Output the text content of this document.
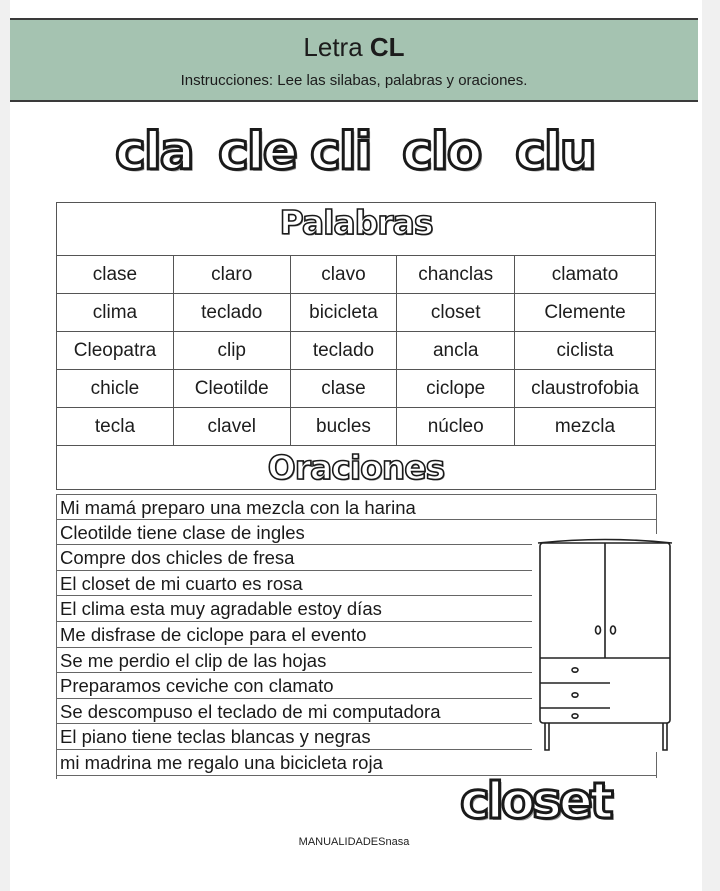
Letra CL
Instrucciones: Lee las silabas, palabras y oraciones.
cla cle cli clo clu
Palabras
clase	claro	clavo	chanclas	clamato
clima	teclado	bicicleta	closet	Clemente
Cleopatra	clip	teclado	ancla	ciclista
chicle	Cleotilde	clase	ciclope	claustrofobia
tecla	clavel	bucles	núcleo	mezcla
Oraciones
Mi mamá preparo una mezcla con la harina
Cleotilde tiene clase de ingles
Compre dos chicles de fresa
El closet de mi cuarto es rosa
El clima esta muy agradable estoy días
Me disfrase de ciclope para el evento
Se me perdio el clip de las hojas
Preparamos ceviche con clamato
Se descompuso el teclado de mi computadora
El piano tiene teclas blancas y negras
mi madrina me regalo una bicicleta roja
closet
MANUALIDADESnasa
